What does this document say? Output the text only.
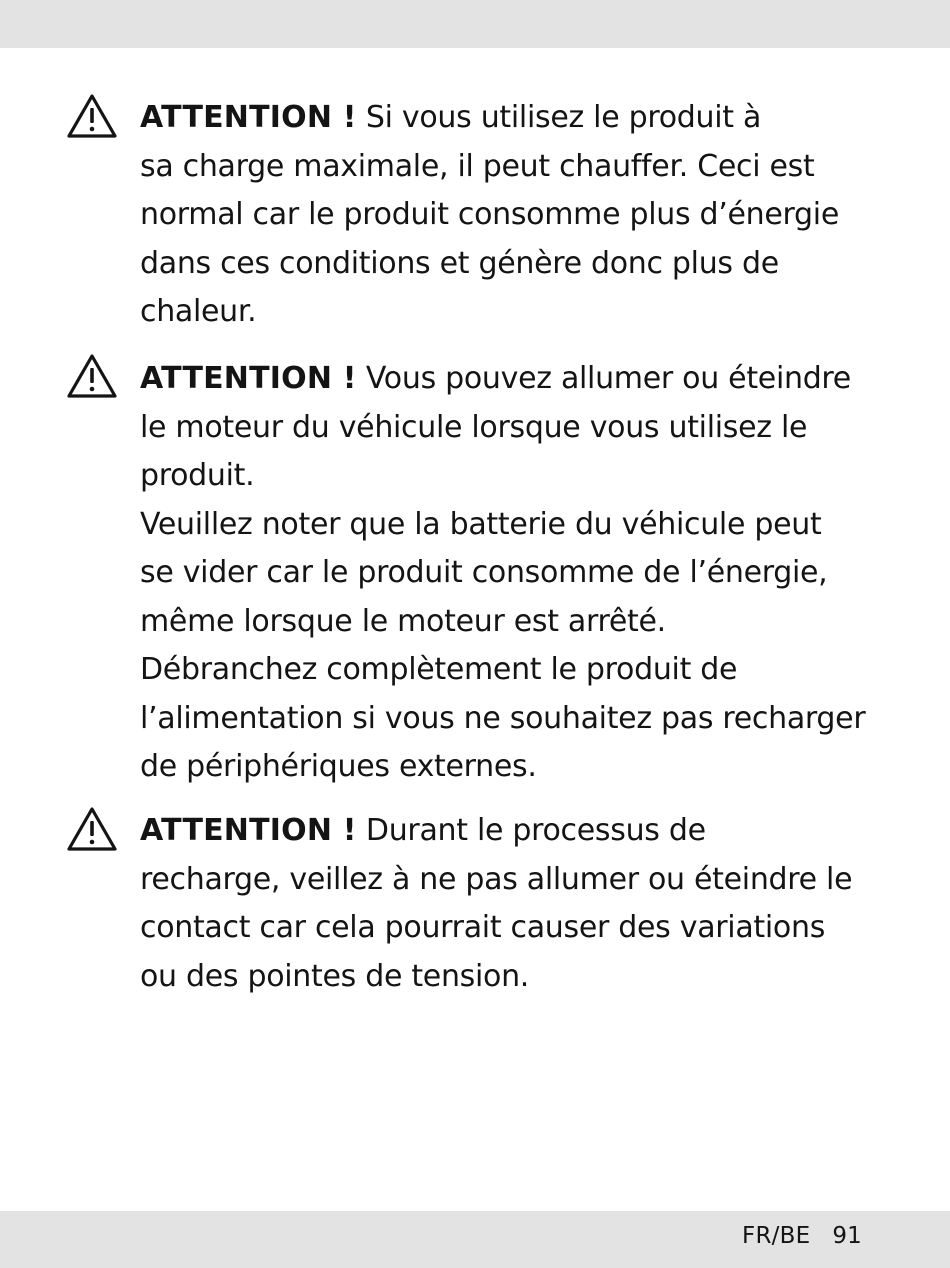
ATTENTION ! Si vous utilisez le produit à
sa charge maximale, il peut chauffer. Ceci est
normal car le produit consomme plus d’énergie
dans ces conditions et génère donc plus de
chaleur.
ATTENTION ! Vous pouvez allumer ou éteindre
le moteur du véhicule lorsque vous utilisez le
produit.
Veuillez noter que la batterie du véhicule peut
se vider car le produit consomme de l’énergie,
même lorsque le moteur est arrêté.
Débranchez complètement le produit de
l’alimentation si vous ne souhaitez pas recharger
de périphériques externes.
ATTENTION ! Durant le processus de
recharge, veillez à ne pas allumer ou éteindre le
contact car cela pourrait causer des variations
ou des pointes de tension.
FR/BE 91
